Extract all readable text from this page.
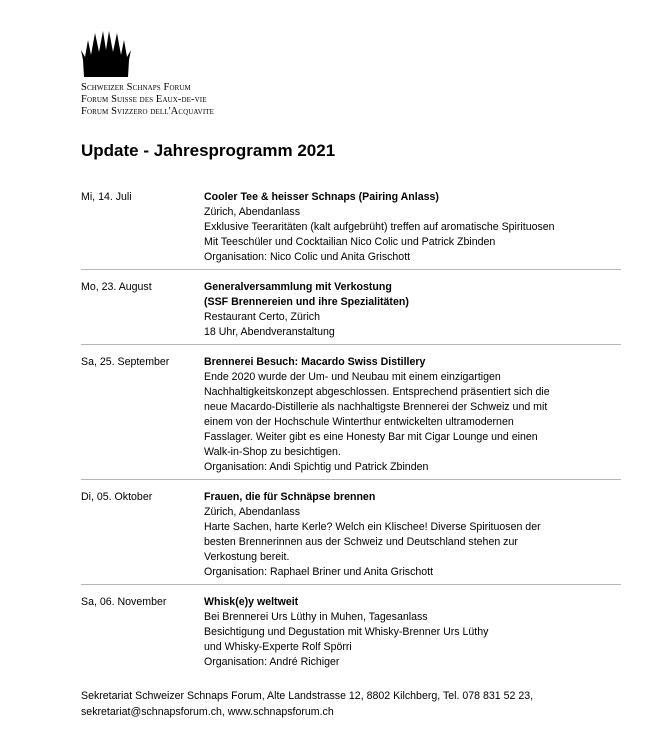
Schweizer Schnaps Forum
Forum Suisse des Eaux-de-vie
Forum Svizzero dell'Acquavite
Update - Jahresprogramm 2021
Mi, 14. Juli	Cooler Tee & heisser Schnaps (Pairing Anlass)
Zürich, Abendanlass
Exklusive Teeraritäten (kalt aufgebrüht) treffen auf aromatische Spirituosen
Mit Teeschüler und Cocktailian Nico Colic und Patrick Zbinden
Organisation: Nico Colic und Anita Grischott
Mo, 23. August	Generalversammlung mit Verkostung
(SSF Brennereien und ihre Spezialitäten)
Restaurant Certo, Zürich
18 Uhr, Abendveranstaltung
Sa, 25. September	Brennerei Besuch: Macardo Swiss Distillery
Ende 2020 wurde der Um- und Neubau mit einem einzigartigen
Nachhaltigkeitskonzept abgeschlossen. Entsprechend präsentiert sich die
neue Macardo-Distillerie als nachhaltigste Brennerei der Schweiz und mit
einem von der Hochschule Winterthur entwickelten ultramodernen
Fasslager. Weiter gibt es eine Honesty Bar mit Cigar Lounge und einen
Walk-in-Shop zu besichtigen.
Organisation: Andi Spichtig und Patrick Zbinden
Di, 05. Oktober	Frauen, die für Schnäpse brennen
Zürich, Abendanlass
Harte Sachen, harte Kerle? Welch ein Klischee! Diverse Spirituosen der
besten Brennerinnen aus der Schweiz und Deutschland stehen zur
Verkostung bereit.
Organisation: Raphael Briner und Anita Grischott
Sa, 06. November	Whisk(e)y weltweit
Bei Brennerei Urs Lüthy in Muhen, Tagesanlass
Besichtigung und Degustation mit Whisky-Brenner Urs Lüthy
und Whisky-Experte Rolf Spörri
Organisation: André Richiger
Sekretariat Schweizer Schnaps Forum, Alte Landstrasse 12, 8802 Kilchberg, Tel. 078 831 52 23,
sekretariat@schnapsforum.ch, www.schnapsforum.ch
